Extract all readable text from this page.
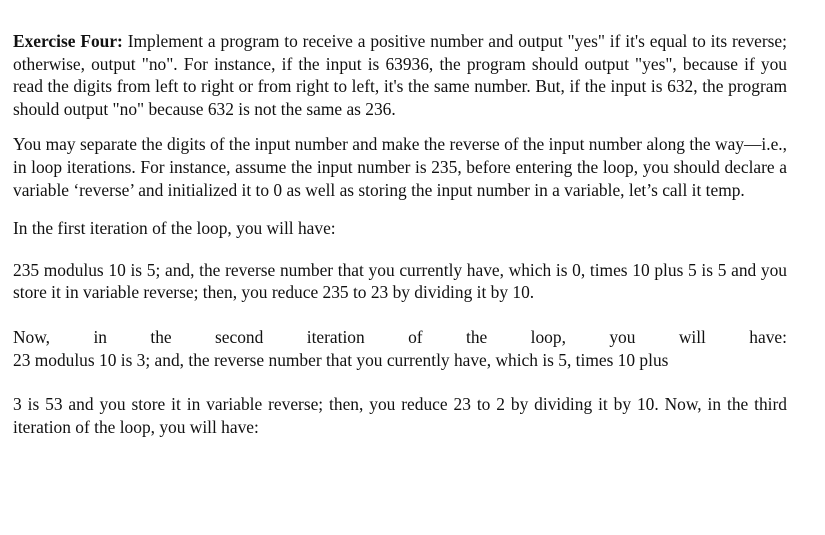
Exercise Four: Implement a program to receive a positive number and output "yes" if it's equal to its reverse; otherwise, output "no". For instance, if the input is 63936, the program should output "yes", because if you read the digits from left to right or from right to left, it's the same number. But, if the input is 632, the program should output "no" because 632 is not the same as 236.

You may separate the digits of the input number and make the reverse of the input number along the way—i.e., in loop iterations. For instance, assume the input number is 235, before entering the loop, you should declare a variable ‘reverse’ and initialized it to 0 as well as storing the input number in a variable, let’s call it temp.

In the first iteration of the loop, you will have:

235 modulus 10 is 5; and, the reverse number that you currently have, which is 0, times 10 plus 5 is 5 and you store it in variable reverse; then, you reduce 235 to 23 by dividing it by 10.

Now, in the second iteration of the loop, you will have:
23 modulus 10 is 3; and, the reverse number that you currently have, which is 5, times 10 plus

3 is 53 and you store it in variable reverse; then, you reduce 23 to 2 by dividing it by 10. Now, in the third iteration of the loop, you will have:
